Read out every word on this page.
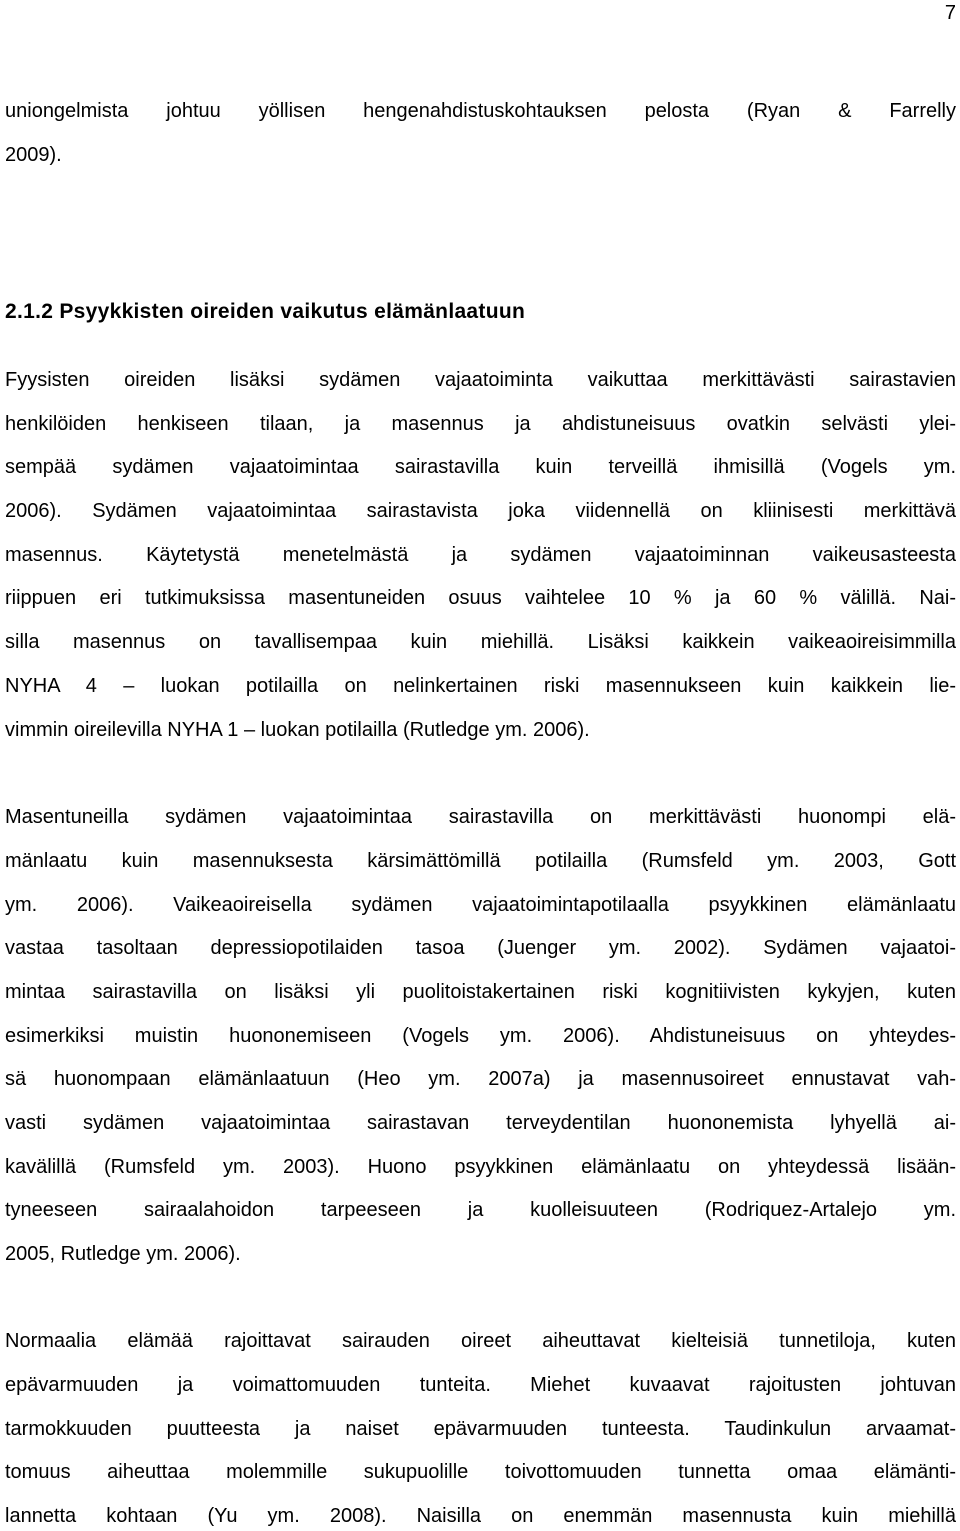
7
uniongelmista johtuu yöllisen hengenahdistuskohtauksen pelosta (Ryan & Farrelly
2009).
2.1.2 Psyykkisten oireiden vaikutus elämänlaatuun
Fyysisten oireiden lisäksi sydämen vajaatoiminta vaikuttaa merkittävästi sairastavien
henkilöiden henkiseen tilaan, ja masennus ja ahdistuneisuus ovatkin selvästi ylei-
sempää sydämen vajaatoimintaa sairastavilla kuin terveillä ihmisillä (Vogels ym.
2006). Sydämen vajaatoimintaa sairastavista joka viidennellä on kliinisesti merkittävä
masennus. Käytetystä menetelmästä ja sydämen vajaatoiminnan vaikeusasteesta
riippuen eri tutkimuksissa masentuneiden osuus vaihtelee 10 % ja 60 % välillä. Nai-
silla masennus on tavallisempaa kuin miehillä. Lisäksi kaikkein vaikeaoireisimmilla
NYHA 4 – luokan potilailla on nelinkertainen riski masennukseen kuin kaikkein lie-
vimmin oireilevilla NYHA 1 – luokan potilailla (Rutledge ym. 2006).
Masentuneilla sydämen vajaatoimintaa sairastavilla on merkittävästi huonompi elä-
mänlaatu kuin masennuksesta kärsimättömillä potilailla (Rumsfeld ym. 2003, Gott
ym. 2006). Vaikeaoireisella sydämen vajaatoimintapotilaalla psyykkinen elämänlaatu
vastaa tasoltaan depressiopotilaiden tasoa (Juenger ym. 2002). Sydämen vajaatoi-
mintaa sairastavilla on lisäksi yli puolitoistakertainen riski kognitiivisten kykyjen, kuten
esimerkiksi muistin huononemiseen (Vogels ym. 2006). Ahdistuneisuus on yhteydes-
sä huonompaan elämänlaatuun (Heo ym. 2007a) ja masennusoireet ennustavat vah-
vasti sydämen vajaatoimintaa sairastavan terveydentilan huononemista lyhyellä ai-
kavälillä (Rumsfeld ym. 2003). Huono psyykkinen elämänlaatu on yhteydessä lisään-
tyneeseen sairaalahoidon tarpeeseen ja kuolleisuuteen (Rodriquez-Artalejo ym.
2005, Rutledge ym. 2006).
Normaalia elämää rajoittavat sairauden oireet aiheuttavat kielteisiä tunnetiloja, kuten
epävarmuuden ja voimattomuuden tunteita. Miehet kuvaavat rajoitusten johtuvan
tarmokkuuden puutteesta ja naiset epävarmuuden tunteesta. Taudinkulun arvaamat-
tomuus aiheuttaa molemmille sukupuolille toivottomuuden tunnetta omaa elämänti-
lannetta kohtaan (Yu ym. 2008). Naisilla on enemmän masennusta kuin miehillä
